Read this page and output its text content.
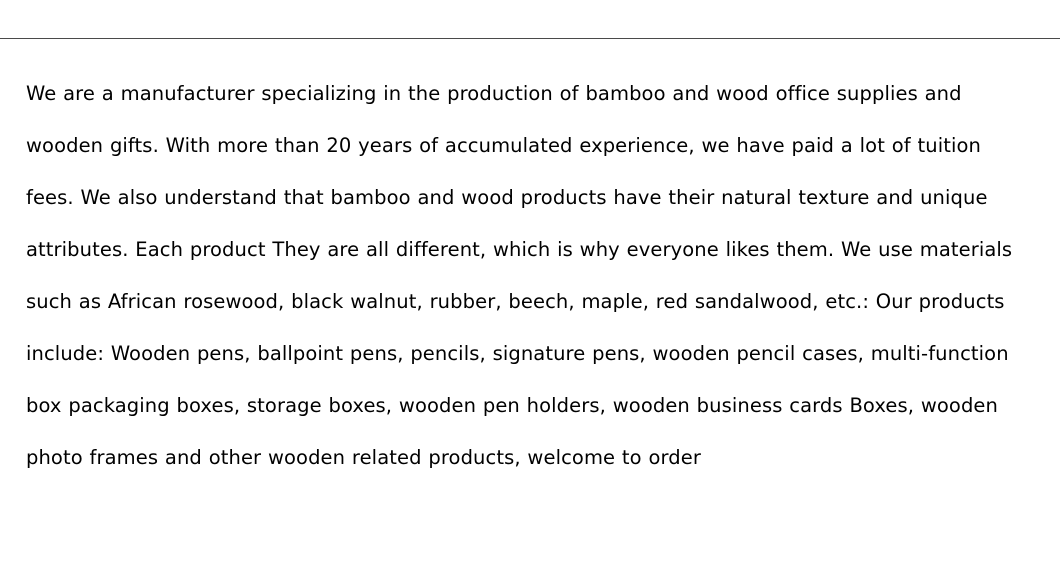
We are a manufacturer specializing in the production of bamboo and wood office supplies and wooden gifts. With more than 20 years of accumulated experience, we have paid a lot of tuition fees. We also understand that bamboo and wood products have their natural texture and unique attributes. Each product They are all different, which is why everyone likes them. We use materials such as African rosewood, black walnut, rubber, beech, maple, red sandalwood, etc.: Our products include: Wooden pens, ballpoint pens, pencils, signature pens, wooden pencil cases, multi-function box packaging boxes, storage boxes, wooden pen holders, wooden business cards Boxes, wooden photo frames and other wooden related products, welcome to order
